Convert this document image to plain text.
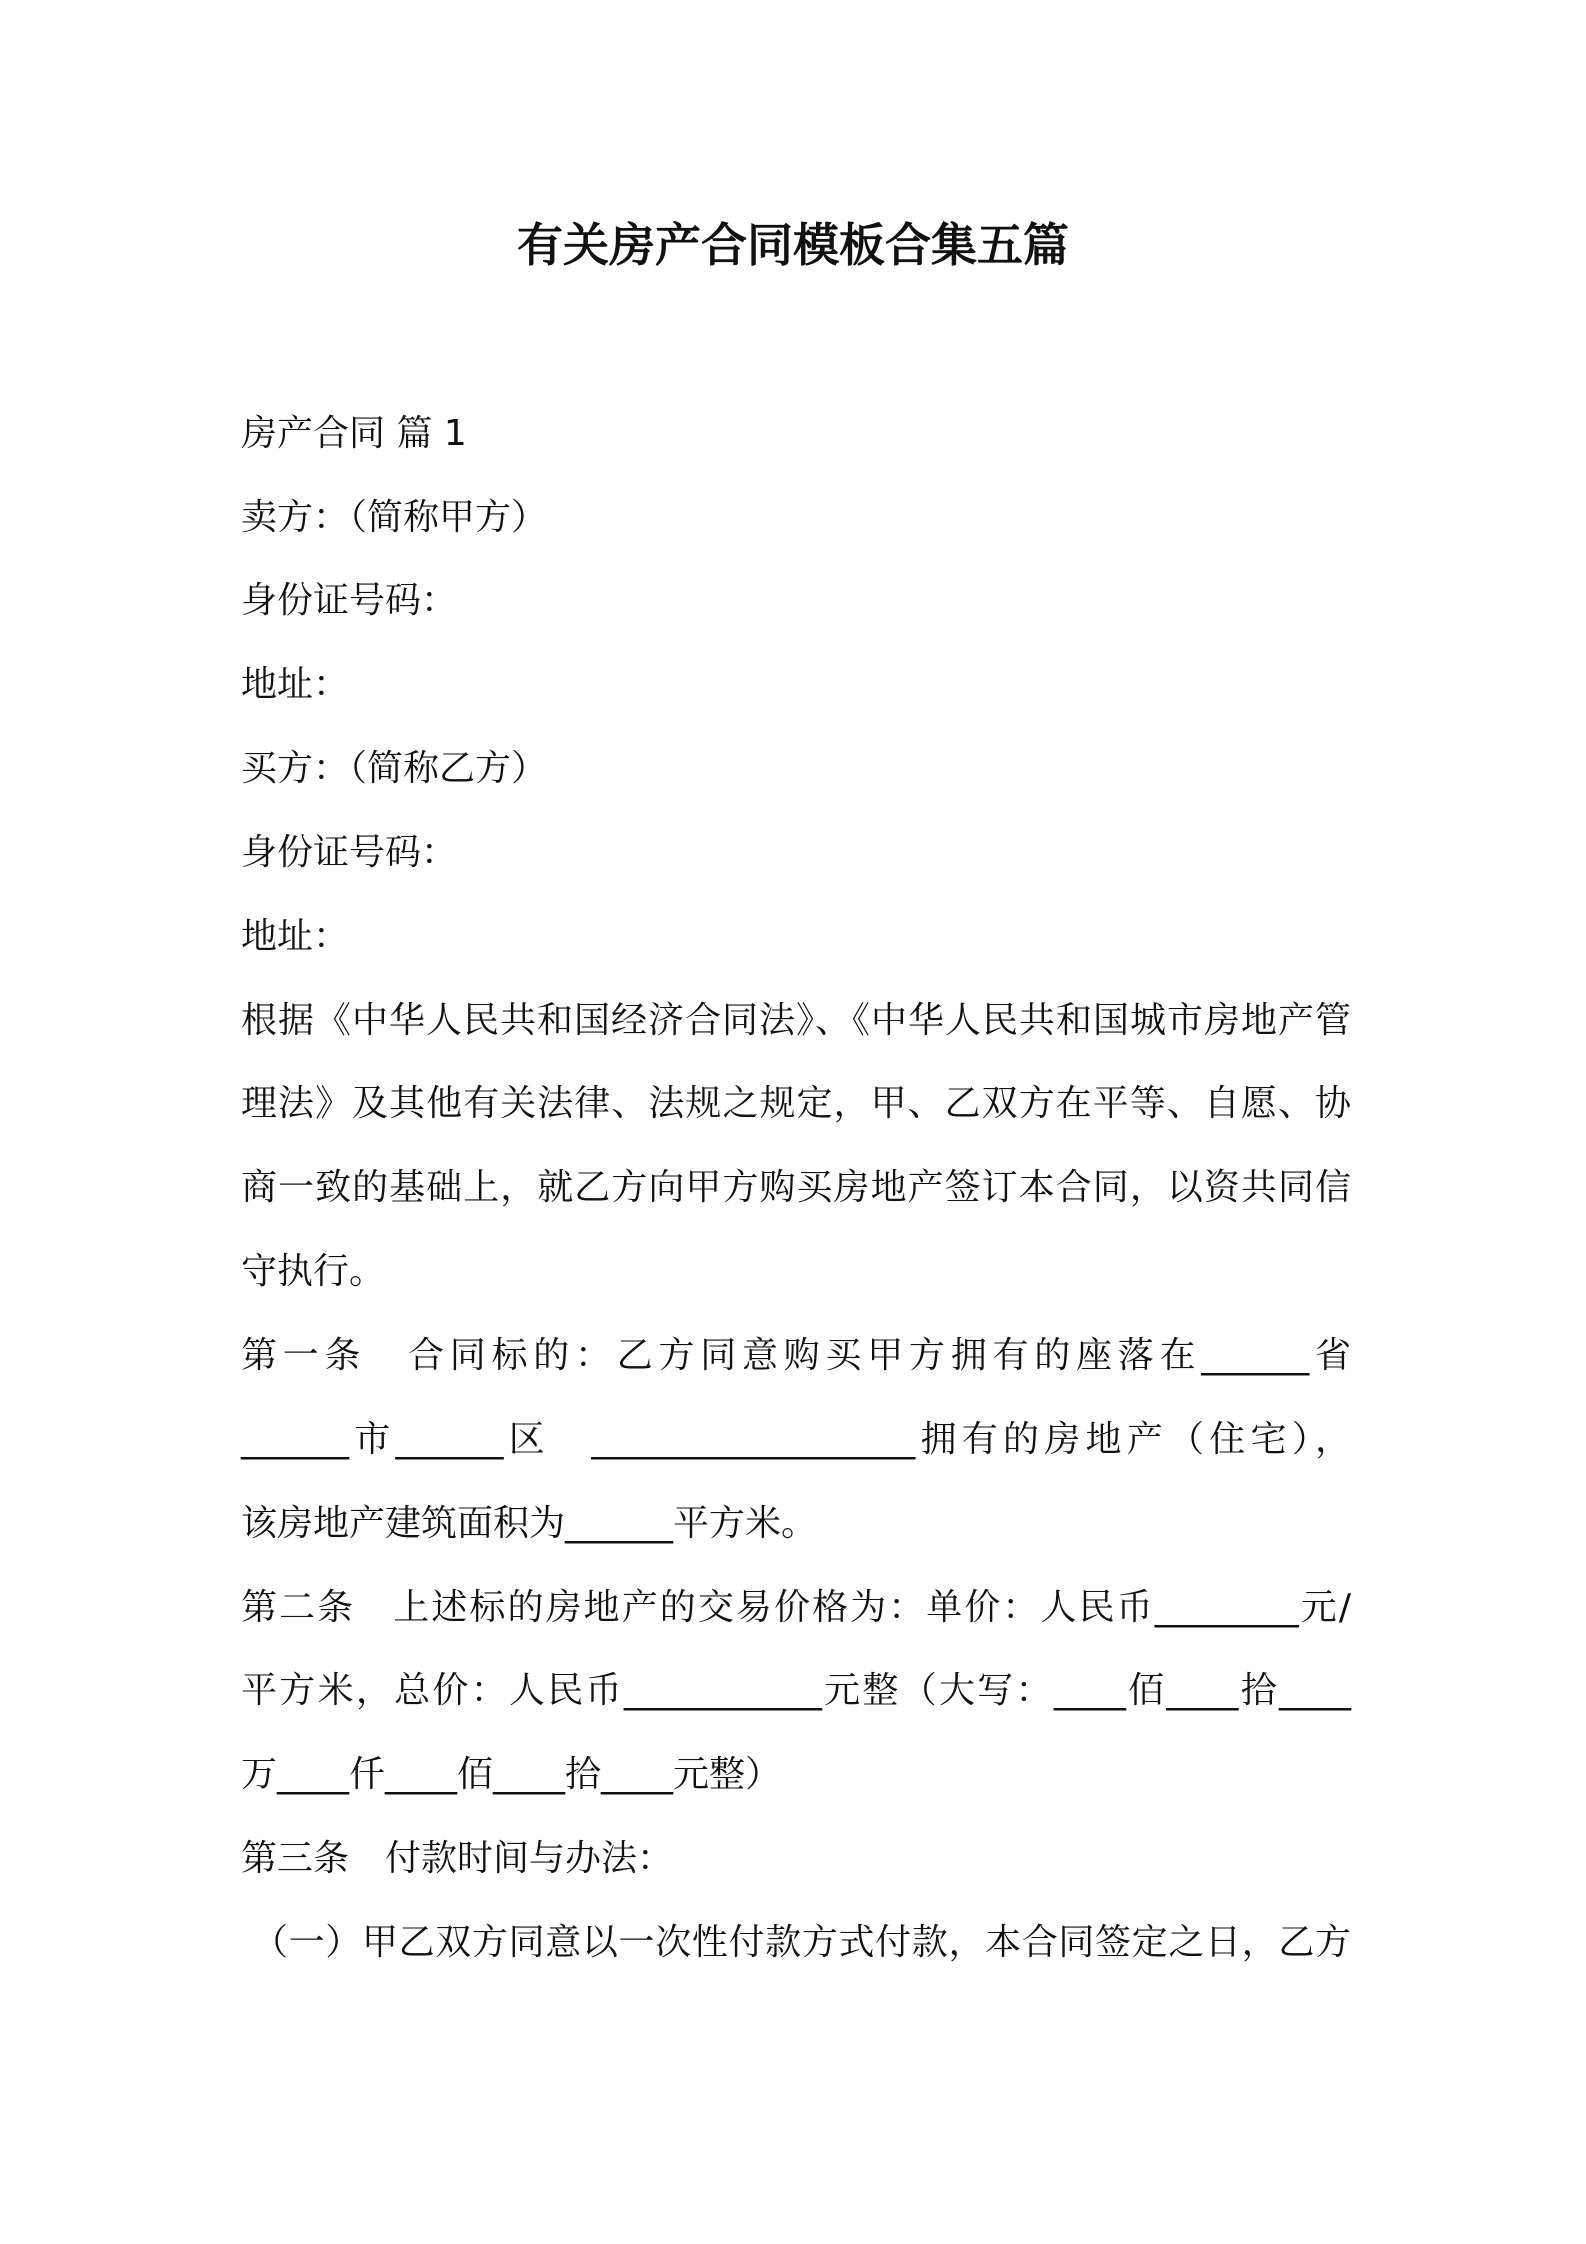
有关房产合同模板合集五篇
房产合同 篇 1
卖方：（简称甲方）
身份证号码：
地址：
买方：（简称乙方）
身份证号码：
地址：
根据《中华人民共和国经济合同法》、《中华人民共和国城市房地产管
理法》及其他有关法律、法规之规定，甲、乙双方在平等、自愿、协
商一致的基础上，就乙方向甲方购买房地产签订本合同，以资共同信
守执行。
第一条　合同标的：乙方同意购买甲方拥有的座落在______省
______市______区　__________________拥有的房地产（住宅），
该房地产建筑面积为______平方米。
第二条　上述标的房地产的交易价格为：单价：人民币________元/
平方米，总价：人民币___________元整（大写：____佰____拾____
万____仟____佰____拾____元整）
第三条　付款时间与办法：
（一）甲乙双方同意以一次性付款方式付款，本合同签定之日，乙方
